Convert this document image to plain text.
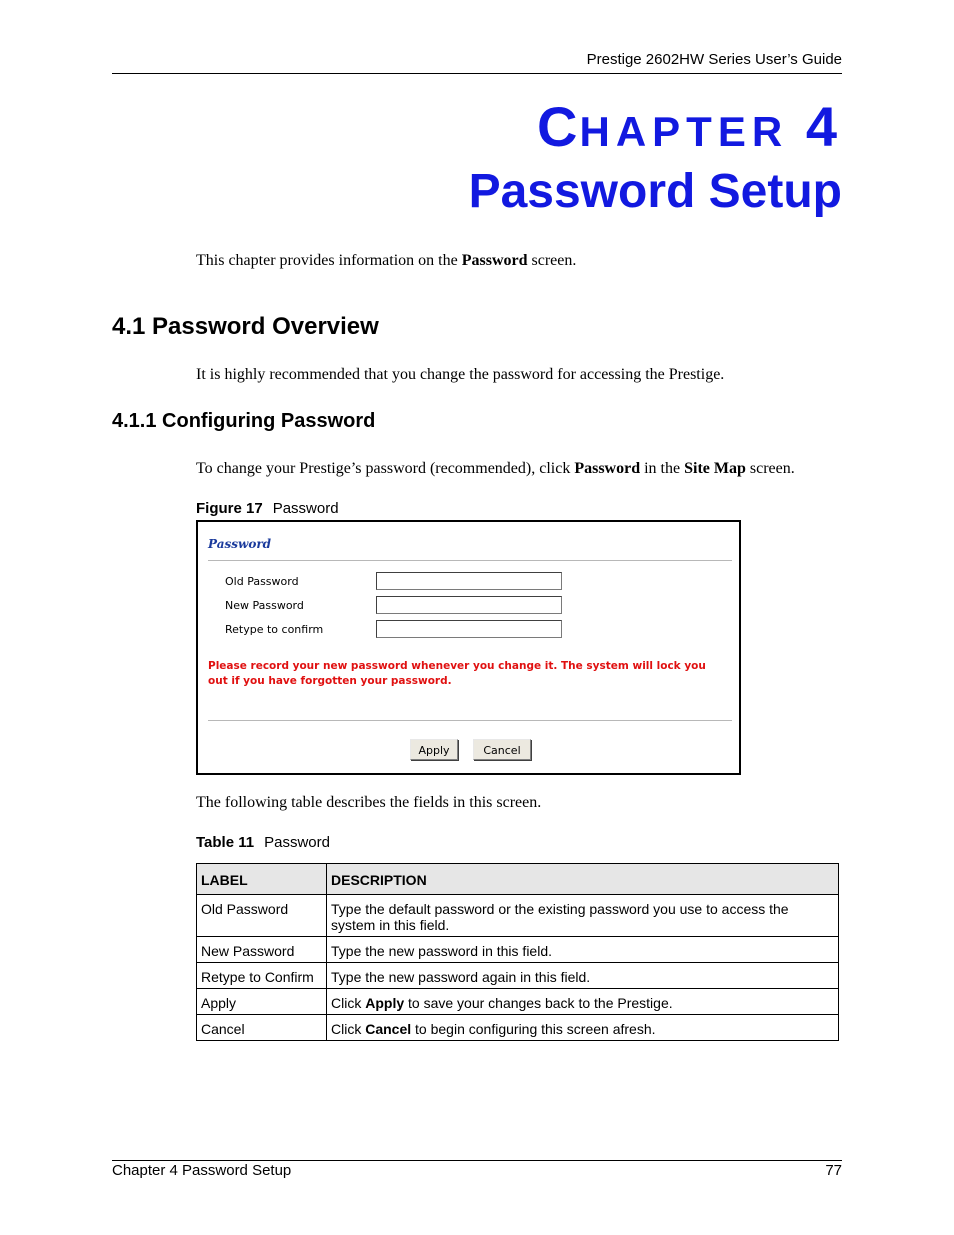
Prestige 2602HW Series User’s Guide
CHAPTER 4
Password Setup
This chapter provides information on the Password screen.
4.1 Password Overview
It is highly recommended that you change the password for accessing the Prestige.
4.1.1 Configuring Password
To change your Prestige’s password (recommended), click Password in the Site Map screen.
Figure 17 Password
Password
Old Password
New Password
Retype to confirm
Please record your new password whenever you change it. The system will lock you out if you have forgotten your password.
Apply	Cancel
The following table describes the fields in this screen.
Table 11 Password
LABEL	DESCRIPTION
Old Password	Type the default password or the existing password you use to access the system in this field.
New Password	Type the new password in this field.
Retype to Confirm	Type the new password again in this field.
Apply	Click Apply to save your changes back to the Prestige.
Cancel	Click Cancel to begin configuring this screen afresh.
Chapter 4 Password Setup	77
